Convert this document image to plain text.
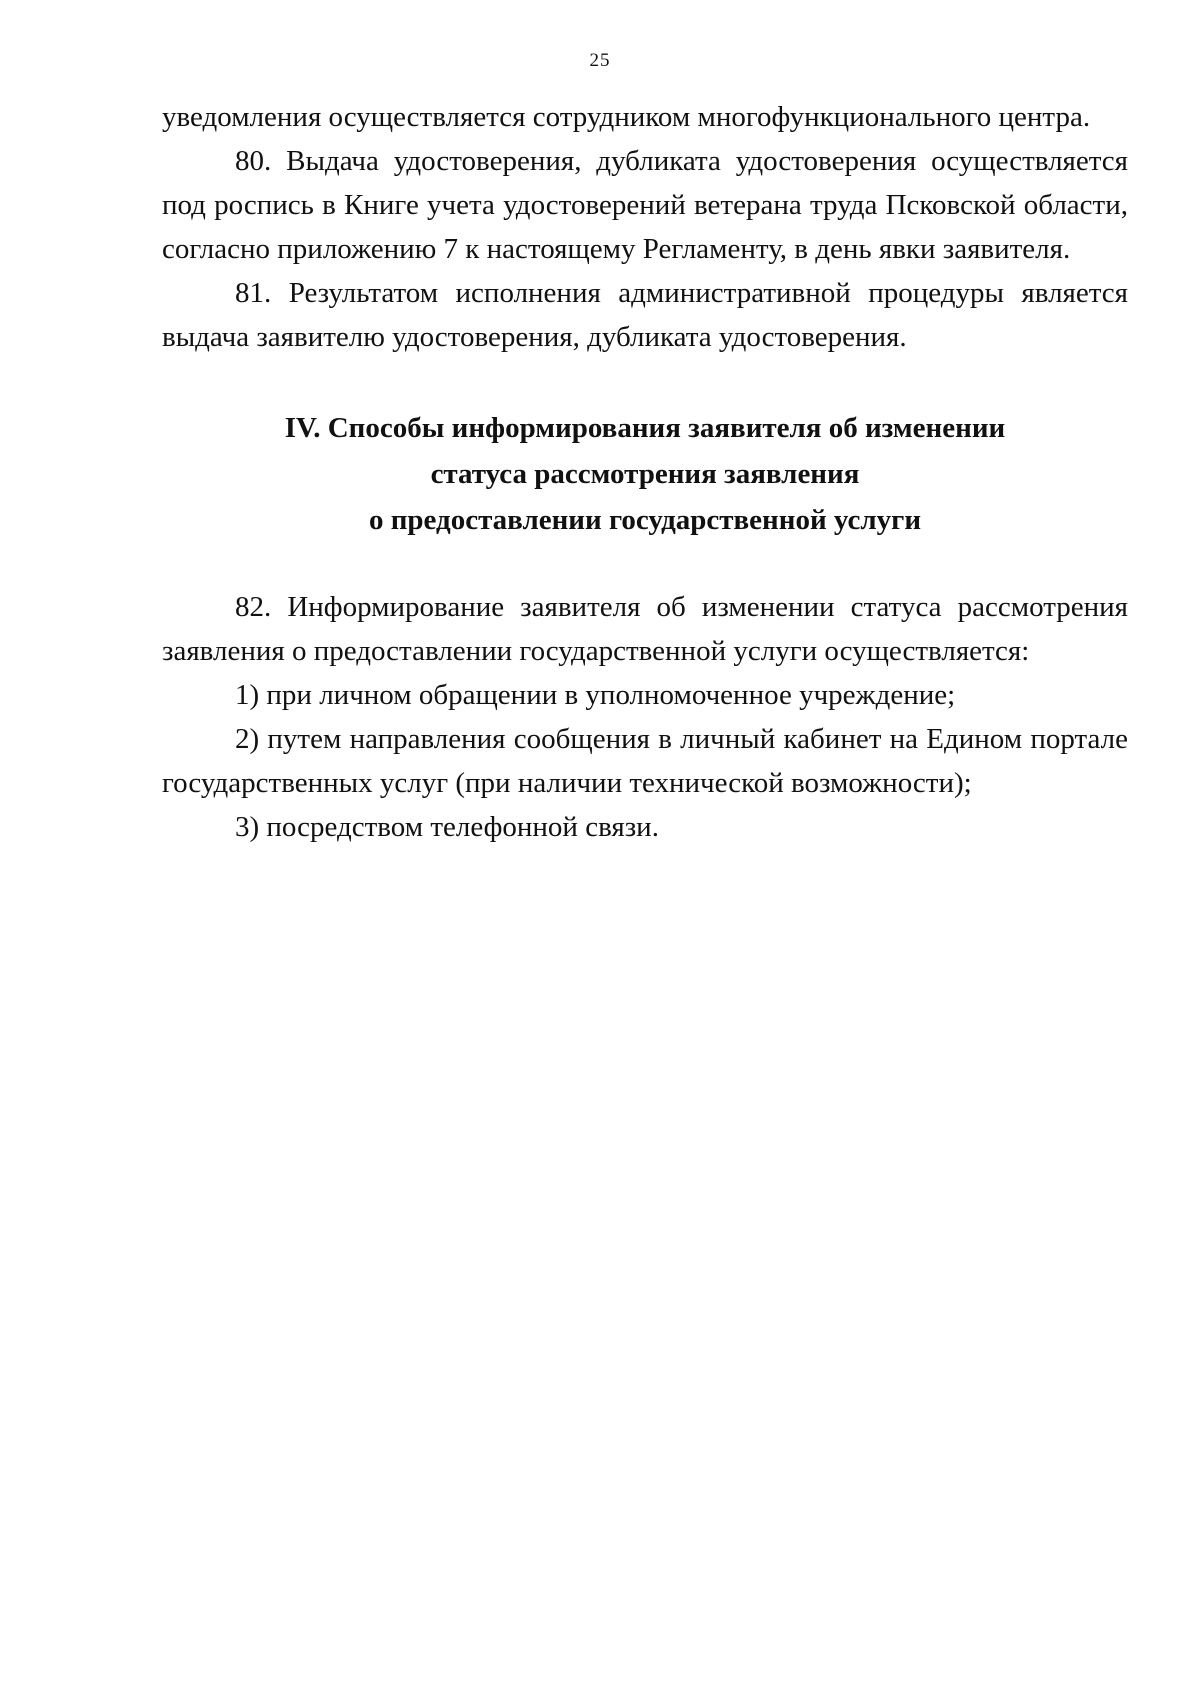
25

уведомления осуществляется сотрудником многофункционального центра.

80. Выдача удостоверения, дубликата удостоверения осуществляется под роспись в Книге учета удостоверений ветерана труда Псковской области, согласно приложению 7 к настоящему Регламенту, в день явки заявителя.

81. Результатом исполнения административной процедуры является выдача заявителю удостоверения, дубликата удостоверения.

IV. Способы информирования заявителя об изменении
статуса рассмотрения заявления
о предоставлении государственной услуги

82. Информирование заявителя об изменении статуса рассмотрения заявления о предоставлении государственной услуги осуществляется:

1) при личном обращении в уполномоченное учреждение;

2) путем направления сообщения в личный кабинет на Едином портале государственных услуг (при наличии технической возможности);

3) посредством телефонной связи.
